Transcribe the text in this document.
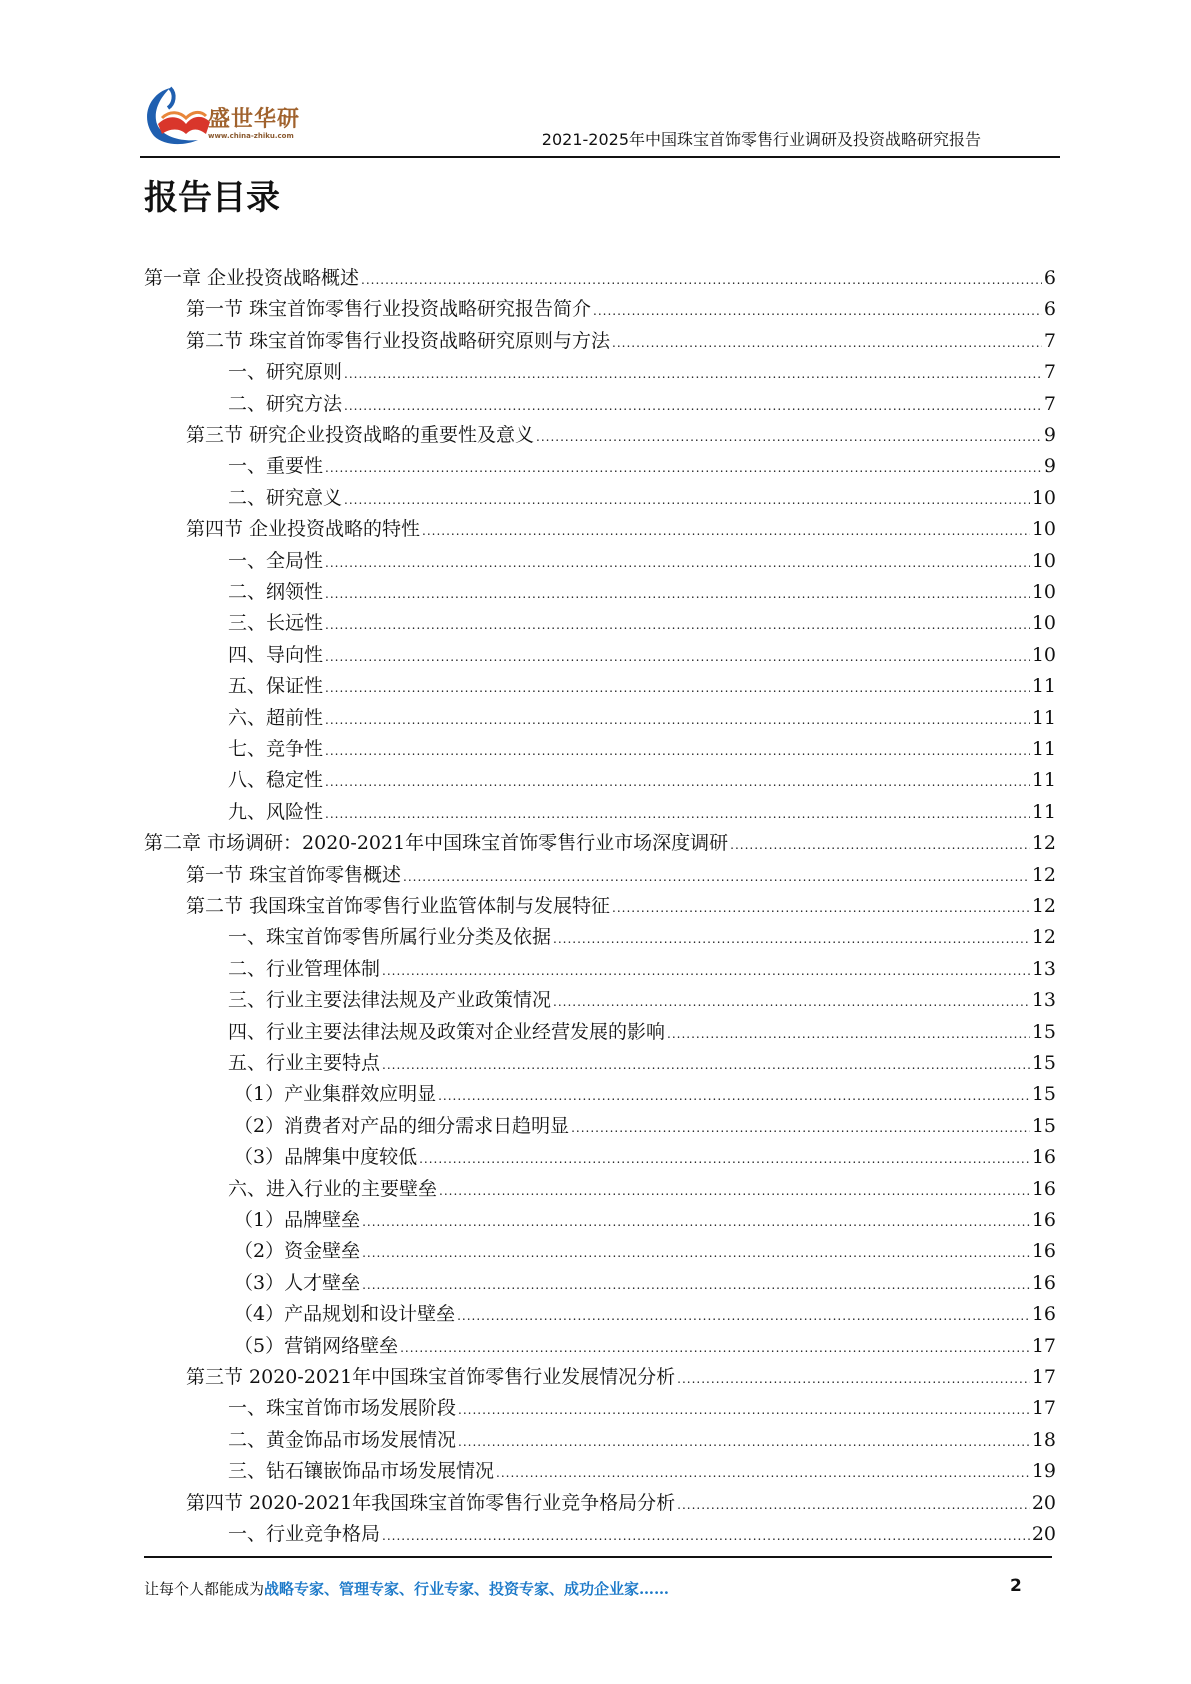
盛世华研
www.china-zhiku.com	2021-2025年中国珠宝首饰零售行业调研及投资战略研究报告
报告目录
第一章 企业投资战略概述 .....	6
第一节 珠宝首饰零售行业投资战略研究报告简介 .....	6
第二节 珠宝首饰零售行业投资战略研究原则与方法 .....	7
一、研究原则 .....	7
二、研究方法 .....	7
第三节 研究企业投资战略的重要性及意义 .....	9
一、重要性 .....	9
二、研究意义 .....	10
第四节 企业投资战略的特性 .....	10
一、全局性 .....	10
二、纲领性 .....	10
三、长远性 .....	10
四、导向性 .....	10
五、保证性 .....	11
六、超前性 .....	11
七、竞争性 .....	11
八、稳定性 .....	11
九、风险性 .....	11
第二章 市场调研：2020-2021年中国珠宝首饰零售行业市场深度调研 .....	12
第一节 珠宝首饰零售概述 .....	12
第二节 我国珠宝首饰零售行业监管体制与发展特征 .....	12
一、珠宝首饰零售所属行业分类及依据 .....	12
二、行业管理体制 .....	13
三、行业主要法律法规及产业政策情况 .....	13
四、行业主要法律法规及政策对企业经营发展的影响 .....	15
五、行业主要特点 .....	15
（1）产业集群效应明显 .....	15
（2）消费者对产品的细分需求日趋明显 .....	15
（3）品牌集中度较低 .....	16
六、进入行业的主要壁垒 .....	16
（1）品牌壁垒 .....	16
（2）资金壁垒 .....	16
（3）人才壁垒 .....	16
（4）产品规划和设计壁垒 .....	16
（5）营销网络壁垒 .....	17
第三节 2020-2021年中国珠宝首饰零售行业发展情况分析 .....	17
一、珠宝首饰市场发展阶段 .....	17
二、黄金饰品市场发展情况 .....	18
三、钻石镶嵌饰品市场发展情况 .....	19
第四节 2020-2021年我国珠宝首饰零售行业竞争格局分析 .....	20
一、行业竞争格局 .....	20
让每个人都能成为战略专家、管理专家、行业专家、投资专家、成功企业家……	2
